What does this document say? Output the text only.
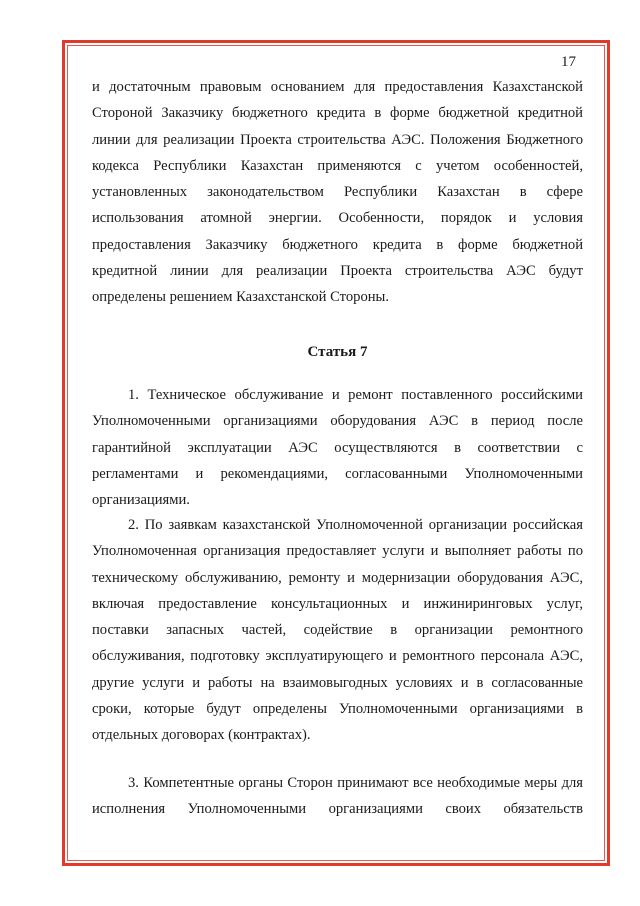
17

и достаточным правовым основанием для предоставления Казахстанской Стороной Заказчику бюджетного кредита в форме бюджетной кредитной линии для реализации Проекта строительства АЭС. Положения Бюджетного кодекса Республики Казахстан применяются с учетом особенностей, установленных законодательством Республики Казахстан в сфере использования атомной энергии. Особенности, порядок и условия предоставления Заказчику бюджетного кредита в форме бюджетной кредитной линии для реализации Проекта строительства АЭС будут определены решением Казахстанской Стороны.

Статья 7

1. Техническое обслуживание и ремонт поставленного российскими Уполномоченными организациями оборудования АЭС в период после гарантийной эксплуатации АЭС осуществляются в соответствии с регламентами и рекомендациями, согласованными Уполномоченными организациями.

2. По заявкам казахстанской Уполномоченной организации российская Уполномоченная организация предоставляет услуги и выполняет работы по техническому обслуживанию, ремонту и модернизации оборудования АЭС, включая предоставление консультационных и инжиниринговых услуг, поставки запасных частей, содействие в организации ремонтного обслуживания, подготовку эксплуатирующего и ремонтного персонала АЭС, другие услуги и работы на взаимовыгодных условиях и в согласованные сроки, которые будут определены Уполномоченными организациями в отдельных договорах (контрактах).

3. Компетентные органы Сторон принимают все необходимые меры для исполнения Уполномоченными организациями своих обязательств
